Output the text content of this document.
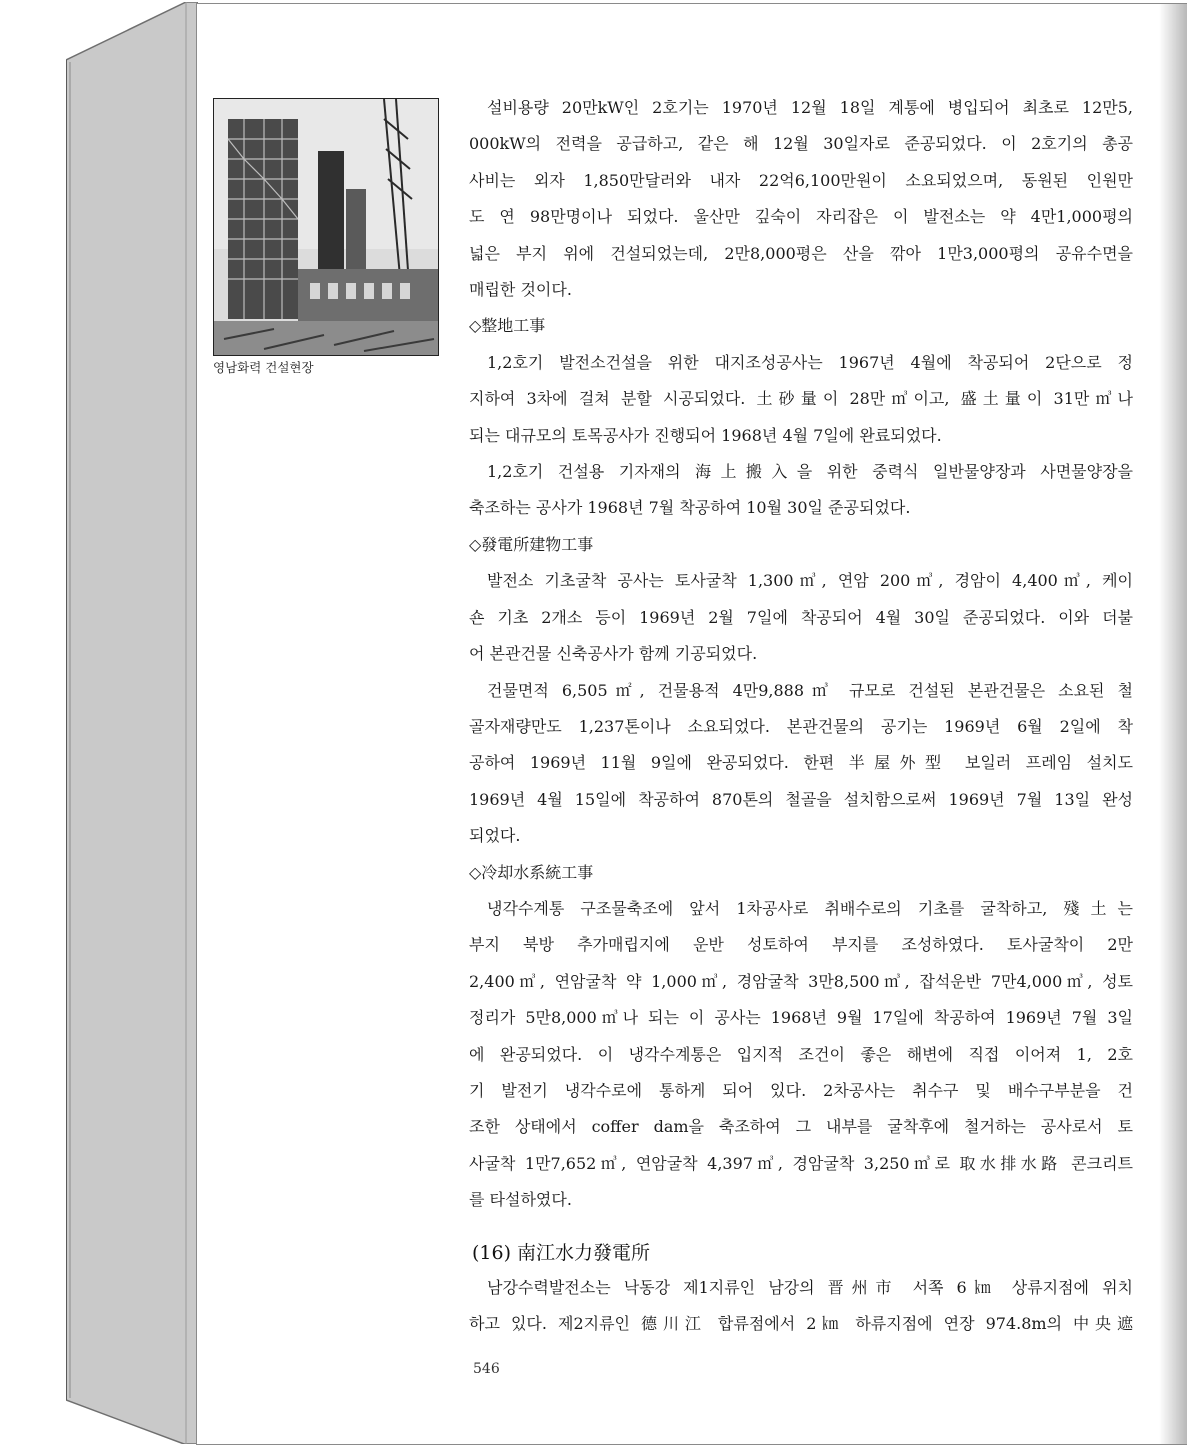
영남화력 건설현장
설비용량 20만kW인 2호기는 1970년 12월 18일 계통에 병입되어 최초로 12만5,
000kW의 전력을 공급하고, 같은 해 12월 30일자로 준공되었다. 이 2호기의 총공
사비는 외자 1,850만달러와 내자 22억6,100만원이 소요되었으며, 동원된 인원만
도 연 98만명이나 되었다. 울산만 깊숙이 자리잡은 이 발전소는 약 4만1,000평의
넓은 부지 위에 건설되었는데, 2만8,000평은 산을 깎아 1만3,000평의 공유수면을
매립한 것이다.
◇整地工事
1,2호기 발전소건설을 위한 대지조성공사는 1967년 4월에 착공되어 2단으로 정
지하여 3차에 걸쳐 분할 시공되었다. 土砂量이 28만㎥이고, 盛土量이 31만㎥나
되는 대규모의 토목공사가 진행되어 1968년 4월 7일에 완료되었다.
1,2호기 건설용 기자재의 海上搬入을 위한 중력식 일반물양장과 사면물양장을
축조하는 공사가 1968년 7월 착공하여 10월 30일 준공되었다.
◇發電所建物工事
발전소 기초굴착 공사는 토사굴착 1,300㎥, 연암 200㎥, 경암이 4,400㎥, 케이
숀 기초 2개소 등이 1969년 2월 7일에 착공되어 4월 30일 준공되었다. 이와 더불
어 본관건물 신축공사가 함께 기공되었다.
건물면적 6,505㎡, 건물용적 4만9,888㎥ 규모로 건설된 본관건물은 소요된 철
골자재량만도 1,237톤이나 소요되었다. 본관건물의 공기는 1969년 6월 2일에 착
공하여 1969년 11월 9일에 완공되었다. 한편 半屋外型 보일러 프레임 설치도
1969년 4월 15일에 착공하여 870톤의 철골을 설치함으로써 1969년 7월 13일 완성
되었다.
◇冷却水系統工事
냉각수계통 구조물축조에 앞서 1차공사로 취배수로의 기초를 굴착하고, 殘土는
부지 북방 추가매립지에 운반 성토하여 부지를 조성하였다. 토사굴착이 2만
2,400㎥, 연암굴착 약 1,000㎥, 경암굴착 3만8,500㎥, 잡석운반 7만4,000㎥, 성토
정리가 5만8,000㎥나 되는 이 공사는 1968년 9월 17일에 착공하여 1969년 7월 3일
에 완공되었다. 이 냉각수계통은 입지적 조건이 좋은 해변에 직접 이어져 1, 2호
기 발전기 냉각수로에 통하게 되어 있다. 2차공사는 취수구 및 배수구부분을 건
조한 상태에서 coffer dam을 축조하여 그 내부를 굴착후에 철거하는 공사로서 토
사굴착 1만7,652㎥, 연암굴착 4,397㎥, 경암굴착 3,250㎥로 取水排水路 콘크리트
를 타설하였다.
(16) 南江水力發電所
남강수력발전소는 낙동강 제1지류인 남강의 晋州市 서쪽 6㎞ 상류지점에 위치
하고 있다. 제2지류인 德川江 합류점에서 2㎞ 하류지점에 연장 974.8m의 中央遮
546
